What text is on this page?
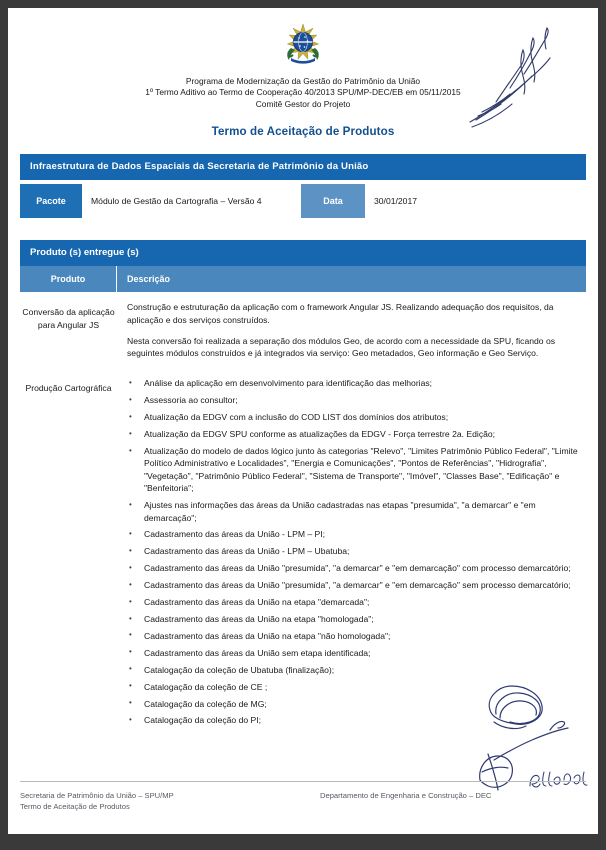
Programa de Modernização da Gestão do Patrimônio da União
1º Termo Aditivo ao Termo de Cooperação 40/2013 SPU/MP-DEC/EB em 05/11/2015
Comitê Gestor do Projeto
Termo de Aceitação de Produtos
Infraestrutura de Dados Espaciais da Secretaria de Patrimônio da União
Pacote	Módulo de Gestão da Cartografia – Versão 4	Data	30/01/2017
Produto (s) entregue (s)
Produto	Descrição
Conversão da aplicação para Angular JS

Construção e estruturação da aplicação com o framework Angular JS. Realizando adequação dos requisitos, da aplicação e dos serviços construídos.

Nesta conversão foi realizada a separação dos módulos Geo, de acordo com a necessidade da SPU, ficando os seguintes módulos construídos e já integrados via serviço: Geo metadados, Geo informação e Geo Serviço.

Produção Cartográfica	• Análise da aplicação em desenvolvimento para identificação das melhorias;
• Assessoria ao consultor;
• Atualização da EDGV com a inclusão do COD LIST dos domínios dos atributos;
• Atualização da EDGV SPU conforme as atualizações da EDGV - Força terrestre 2a. Edição;
• Atualização do modelo de dados lógico junto às categorias "Relevo", "Limites Patrimônio Público Federal", "Limite Político Administrativo e Localidades", "Energia e Comunicações", "Pontos de Referências", "Hidrografia", "Vegetação", "Patrimônio Público Federal", "Sistema de Transporte", "Imóvel", "Classes Base", "Edificação" e "Benfeitoria";
• Ajustes nas informações das áreas da União cadastradas nas etapas "presumida", "a demarcar" e "em demarcação";
• Cadastramento das áreas da União - LPM – PI;
• Cadastramento das áreas da União - LPM – Ubatuba;
• Cadastramento das áreas da União "presumida", "a demarcar" e "em demarcação" com processo demarcatório;
• Cadastramento das áreas da União "presumida", "a demarcar" e "em demarcação" sem processo demarcatório;
• Cadastramento das áreas da União na etapa "demarcada";
• Cadastramento das áreas da União na etapa "homologada";
• Cadastramento das áreas da União na etapa "não homologada";
• Cadastramento das áreas da União sem etapa identificada;
• Catalogação da coleção de Ubatuba (finalização);
• Catalogação da coleção de CE ;
• Catalogação da coleção de MG;
• Catalogação da coleção do PI;
Secretaria de Patrimônio da União – SPU/MP
Termo de Aceitação de Produtos
Departamento de Engenharia e Construção – DEC
